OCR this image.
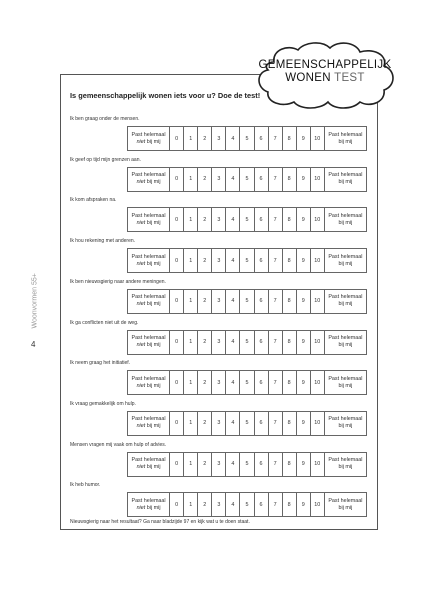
GEMEENSCHAPPELIJK
WONEN TEST
Woonvormen 55+
4
Is gemeenschappelijk wonen iets voor u? Doe de test!
Ik ben graag onder de mensen.
Past helemaal
niet bij mij	0	1	2	3	4	5	6	7	8	9	10	Past helemaal
bij mij
Ik geef op tijd mijn grenzen aan.
Past helemaal
niet bij mij	0	1	2	3	4	5	6	7	8	9	10	Past helemaal
bij mij
Ik kom afspraken na.
Past helemaal
niet bij mij	0	1	2	3	4	5	6	7	8	9	10	Past helemaal
bij mij
Ik hou rekening met anderen.
Past helemaal
niet bij mij	0	1	2	3	4	5	6	7	8	9	10	Past helemaal
bij mij
Ik ben nieuwsgierig naar andere meningen.
Past helemaal
niet bij mij	0	1	2	3	4	5	6	7	8	9	10	Past helemaal
bij mij
Ik ga conflicten niet uit de weg.
Past helemaal
niet bij mij	0	1	2	3	4	5	6	7	8	9	10	Past helemaal
bij mij
Ik neem graag het initiatief.
Past helemaal
niet bij mij	0	1	2	3	4	5	6	7	8	9	10	Past helemaal
bij mij
Ik vraag gemakkelijk om hulp.
Past helemaal
niet bij mij	0	1	2	3	4	5	6	7	8	9	10	Past helemaal
bij mij
Mensen vragen mij vaak om hulp of advies.
Past helemaal
niet bij mij	0	1	2	3	4	5	6	7	8	9	10	Past helemaal
bij mij
Ik heb humor.
Past helemaal
niet bij mij	0	1	2	3	4	5	6	7	8	9	10	Past helemaal
bij mij
Nieuwsgierig naar het resultaat? Ga naar bladzijde 97 en kijk wat u te doen staat.
